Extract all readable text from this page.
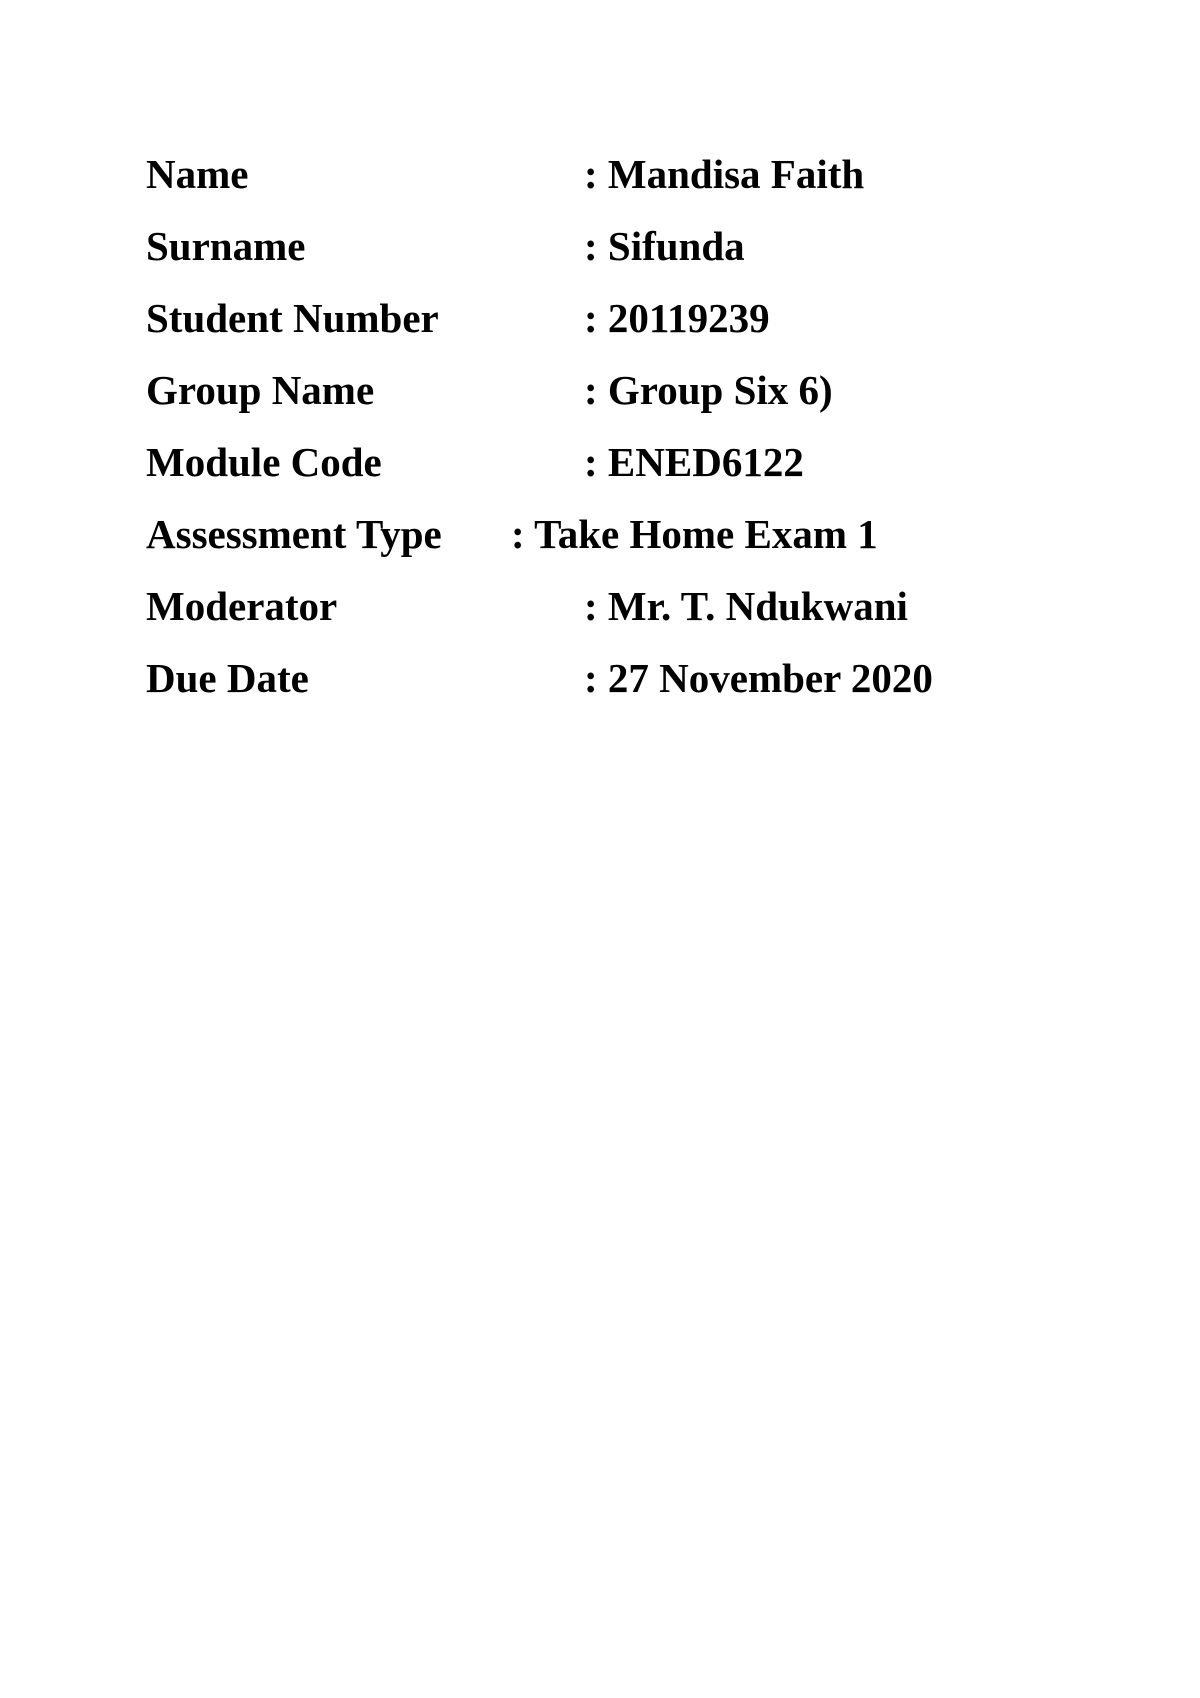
Name	: Mandisa Faith
Surname	: Sifunda
Student Number	: 20119239
Group Name	: Group Six 6)
Module Code	: ENED6122
Assessment Type : Take Home Exam 1
Moderator	: Mr. T. Ndukwani
Due Date	: 27 November 2020
